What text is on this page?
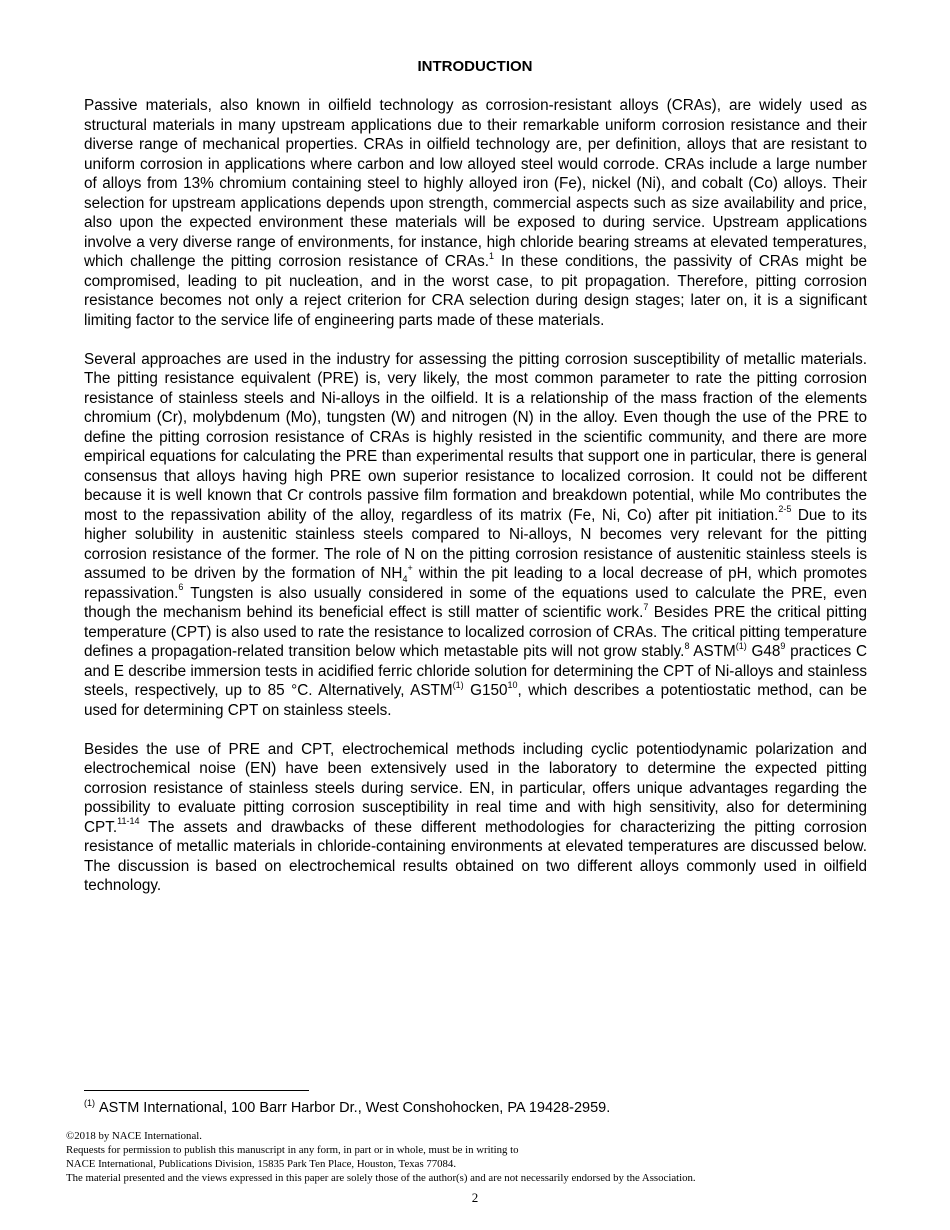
INTRODUCTION

Passive materials, also known in oilfield technology as corrosion-resistant alloys (CRAs), are widely used as structural materials in many upstream applications due to their remarkable uniform corrosion resistance and their diverse range of mechanical properties. CRAs in oilfield technology are, per definition, alloys that are resistant to uniform corrosion in applications where carbon and low alloyed steel would corrode. CRAs include a large number of alloys from 13% chromium containing steel to highly alloyed iron (Fe), nickel (Ni), and cobalt (Co) alloys. Their selection for upstream applications depends upon strength, commercial aspects such as size availability and price, also upon the expected environment these materials will be exposed to during service. Upstream applications involve a very diverse range of environments, for instance, high chloride bearing streams at elevated temperatures, which challenge the pitting corrosion resistance of CRAs.$^1$ In these conditions, the passivity of CRAs might be compromised, leading to pit nucleation, and in the worst case, to pit propagation. Therefore, pitting corrosion resistance becomes not only a reject criterion for CRA selection during design stages; later on, it is a significant limiting factor to the service life of engineering parts made of these materials.

Several approaches are used in the industry for assessing the pitting corrosion susceptibility of metallic materials. The pitting resistance equivalent (PRE) is, very likely, the most common parameter to rate the pitting corrosion resistance of stainless steels and Ni-alloys in the oilfield. It is a relationship of the mass fraction of the elements chromium (Cr), molybdenum (Mo), tungsten (W) and nitrogen (N) in the alloy. Even though the use of the PRE to define the pitting corrosion resistance of CRAs is highly resisted in the scientific community, and there are more empirical equations for calculating the PRE than experimental results that support one in particular, there is general consensus that alloys having high PRE own superior resistance to localized corrosion. It could not be different because it is well known that Cr controls passive film formation and breakdown potential, while Mo contributes the most to the repassivation ability of the alloy, regardless of its matrix (Fe, Ni, Co) after pit initiation.$^{2-5}$ Due to its higher solubility in austenitic stainless steels compared to Ni-alloys, N becomes very relevant for the pitting corrosion resistance of the former. The role of N on the pitting corrosion resistance of austenitic stainless steels is assumed to be driven by the formation of $NH_4^+$ within the pit leading to a local decrease of pH, which promotes repassivation.$^6$ Tungsten is also usually considered in some of the equations used to calculate the PRE, even though the mechanism behind its beneficial effect is still matter of scientific work.$^7$ Besides PRE the critical pitting temperature (CPT) is also used to rate the resistance to localized corrosion of CRAs. The critical pitting temperature defines a propagation-related transition below which metastable pits will not grow stably.$^8$ ASTM$^{(1)}$ $G48^9$ practices C and E describe immersion tests in acidified ferric chloride solution for determining the CPT of Ni-alloys and stainless steels, respectively, up to 85 °C. Alternatively, ASTM$^{(1)}$ $G150^{10}$, which describes a potentiostatic method, can be used for determining CPT on stainless steels.

Besides the use of PRE and CPT, electrochemical methods including cyclic potentiodynamic polarization and electrochemical noise (EN) have been extensively used in the laboratory to determine the expected pitting corrosion resistance of stainless steels during service. EN, in particular, offers unique advantages regarding the possibility to evaluate pitting corrosion susceptibility in real time and with high sensitivity, also for determining CPT.$^{11-14}$ The assets and drawbacks of these different methodologies for characterizing the pitting corrosion resistance of metallic materials in chloride-containing environments at elevated temperatures are discussed below. The discussion is based on electrochemical results obtained on two different alloys commonly used in oilfield technology.

$^{(1)}$ ASTM International, 100 Barr Harbor Dr., West Conshohocken, PA 19428-2959.
©2018 by NACE International.
Requests for permission to publish this manuscript in any form, in part or in whole, must be in writing to
NACE International, Publications Division, 15835 Park Ten Place, Houston, Texas 77084.
The material presented and the views expressed in this paper are solely those of the author(s) and are not necessarily endorsed by the Association.
2
